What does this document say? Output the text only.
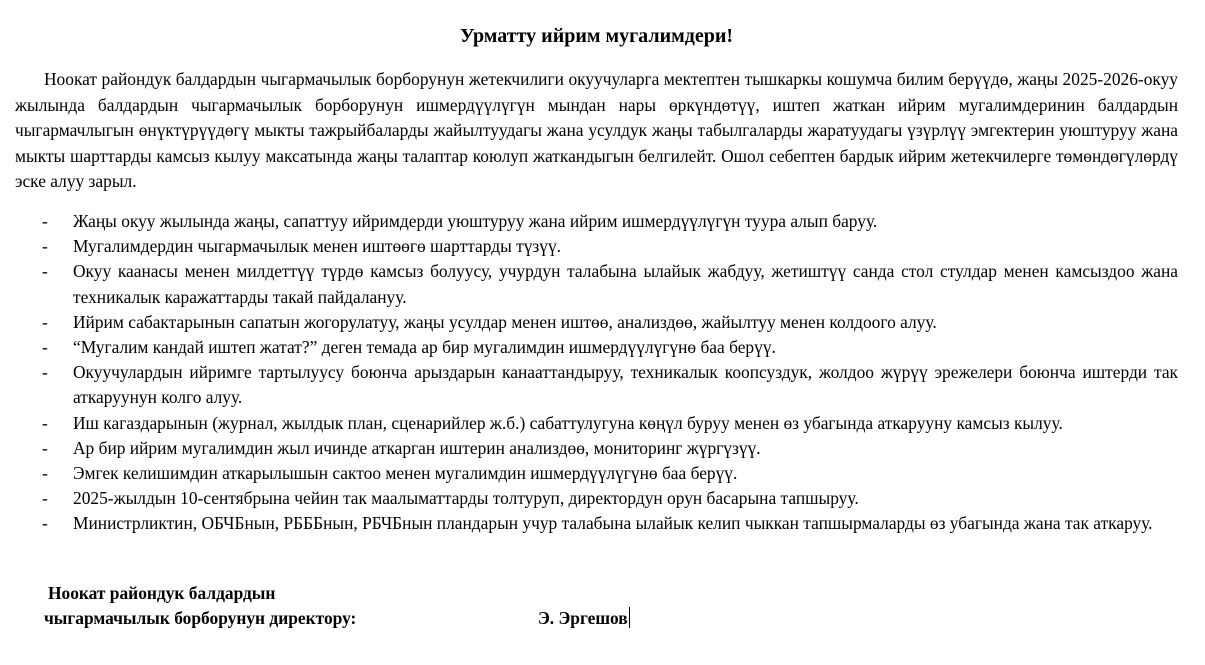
Урматту ийрим мугалимдери!

Ноокат райондук балдардын чыгармачылык борборунун жетекчилиги окуучуларга мектептен тышкаркы кошумча билим берүүдө, жаңы 2025-2026-окуу жылында балдардын чыгармачылык борборунун ишмердүүлүгүн мындан нары өркүндөтүү, иштеп жаткан ийрим мугалимдеринин балдардын чыгармачлыгын өнүктүрүүдөгү мыкты тажрыйбаларды жайылтуудагы жана усулдук жаңы табылгаларды жаратуудагы үзүрлүү эмгектерин уюштуруу жана мыкты шарттарды камсыз кылуу максатында жаңы талаптар коюлуп жаткандыгын белгилейт. Ошол себептен бардык ийрим жетекчилерге төмөндөгүлөрдү эске алуу зарыл.

-	Жаңы окуу жылында жаңы, сапаттуу ийримдерди уюштуруу жана ийрим ишмердүүлүгүн туура алып баруу.
-	Мугалимдердин чыгармачылык менен иштөөгө шарттарды түзүү.
-	Окуу каанасы менен милдеттүү түрдө камсыз болуусу, учурдун талабына ылайык жабдуу, жетиштүү санда стол стулдар менен камсыздоо жана техникалык каражаттарды такай пайдалануу.
-	Ийрим сабактарынын сапатын жогорулатуу, жаңы усулдар менен иштөө, анализдөө, жайылтуу менен колдоого алуу.
-	“Мугалим кандай иштеп жатат?” деген темада ар бир мугалимдин ишмердүүлүгүнө баа берүү.
-	Окуучулардын ийримге тартылуусу боюнча арыздарын канааттандыруу, техникалык коопсуздук, жолдоо жүрүү эрежелери боюнча иштерди так аткаруунун колго алуу.
-	Иш кагаздарынын (журнал, жылдык план, сценарийлер ж.б.) сабаттулугуна көңүл буруу менен өз убагында аткарууну камсыз кылуу.
-	Ар бир ийрим мугалимдин жыл ичинде аткарган иштерин анализдөө, мониторинг жүргүзүү.
-	Эмгек келишимдин аткарылышын сактоо менен мугалимдин ишмердүүлүгүнө баа берүү.
-	2025-жылдын 10-сентябрына чейин так маалыматтарды толтуруп, директордун орун басарына тапшыруу.
-	Министрликтин, ОБЧБнын, РБББнын, РБЧБнын пландарын учур талабына ылайык келип чыккан тапшырмаларды өз убагында жана так аткаруу.
Ноокат райондук балдардын
чыгармачылык борборунун директору:	Э. Эргешов
